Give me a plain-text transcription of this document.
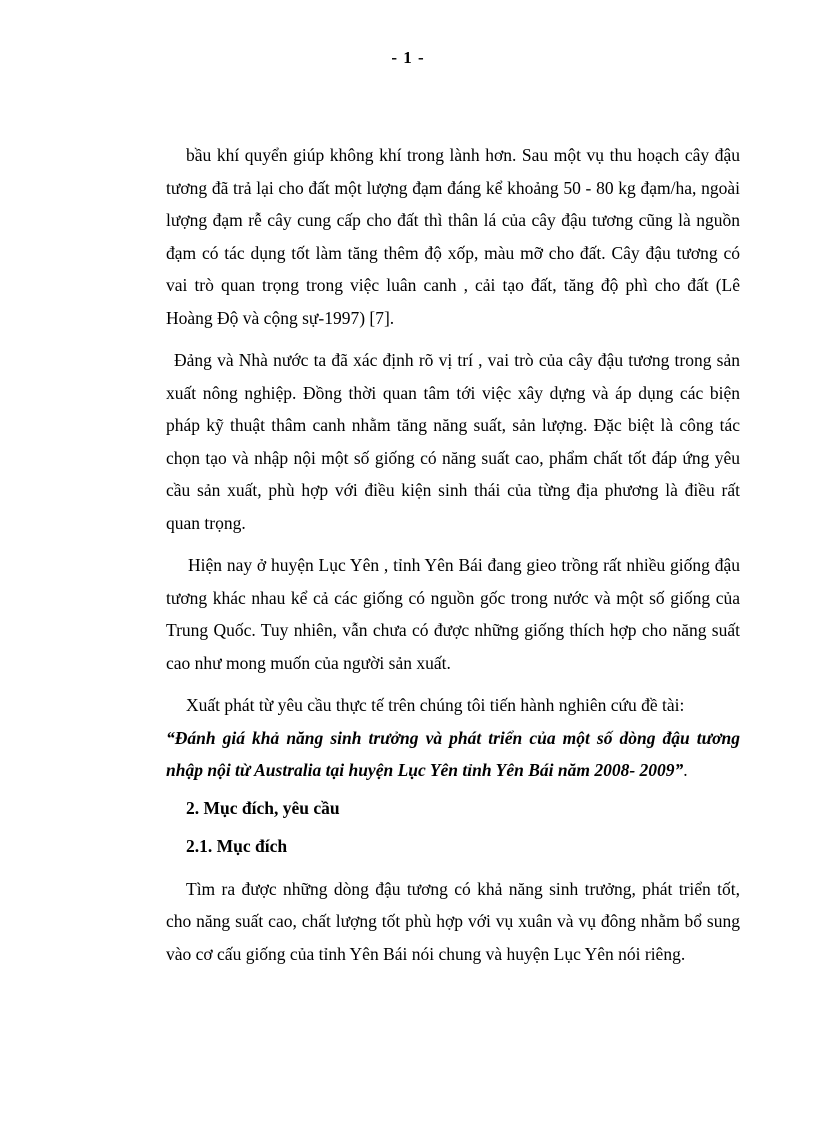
- 1 -

bầu khí quyển giúp không khí trong lành hơn. Sau một vụ thu hoạch cây đậu tương đã trả lại cho đất một lượng đạm đáng kể khoảng 50 - 80 kg đạm/ha, ngoài lượng đạm rễ cây cung cấp cho đất thì thân lá của cây đậu tương cũng là nguồn đạm có tác dụng tốt làm tăng thêm độ xốp, màu mỡ cho đất. Cây đậu tương có vai trò quan trọng trong việc luân canh , cải tạo đất, tăng độ phì cho đất (Lê Hoàng Độ và cộng sự-1997) [7].

Đảng và Nhà nước ta đã xác định rõ vị trí , vai trò của cây đậu tương trong sản xuất nông nghiệp. Đồng thời quan tâm tới việc xây dựng và áp dụng các biện pháp kỹ thuật thâm canh nhằm tăng năng suất, sản lượng. Đặc biệt là công tác chọn tạo và nhập nội một số giống có năng suất cao, phẩm chất tốt đáp ứng yêu cầu sản xuất, phù hợp với điều kiện sinh thái của từng địa phương là điều rất quan trọng.

Hiện nay ở huyện Lục Yên , tỉnh Yên Bái đang gieo trồng rất nhiều giống đậu tương khác nhau kể cả các giống có nguồn gốc trong nước và một số giống của Trung Quốc. Tuy nhiên, vẫn chưa có được những giống thích hợp cho năng suất cao như mong muốn của người sản xuất.

Xuất phát từ yêu cầu thực tế trên chúng tôi tiến hành nghiên cứu đề tài:

“Đánh giá khả năng sinh trưởng và phát triển của một số dòng đậu tương nhập nội từ Australia tại huyện Lục Yên tỉnh Yên Bái năm 2008- 2009”.

2. Mục đích, yêu cầu

2.1. Mục đích

Tìm ra được những dòng đậu tương có khả năng sinh trưởng, phát triển tốt, cho năng suất cao, chất lượng tốt phù hợp với vụ xuân và vụ đông nhằm bổ sung vào cơ cấu giống của tỉnh Yên Bái nói chung và huyện Lục Yên nói riêng.
